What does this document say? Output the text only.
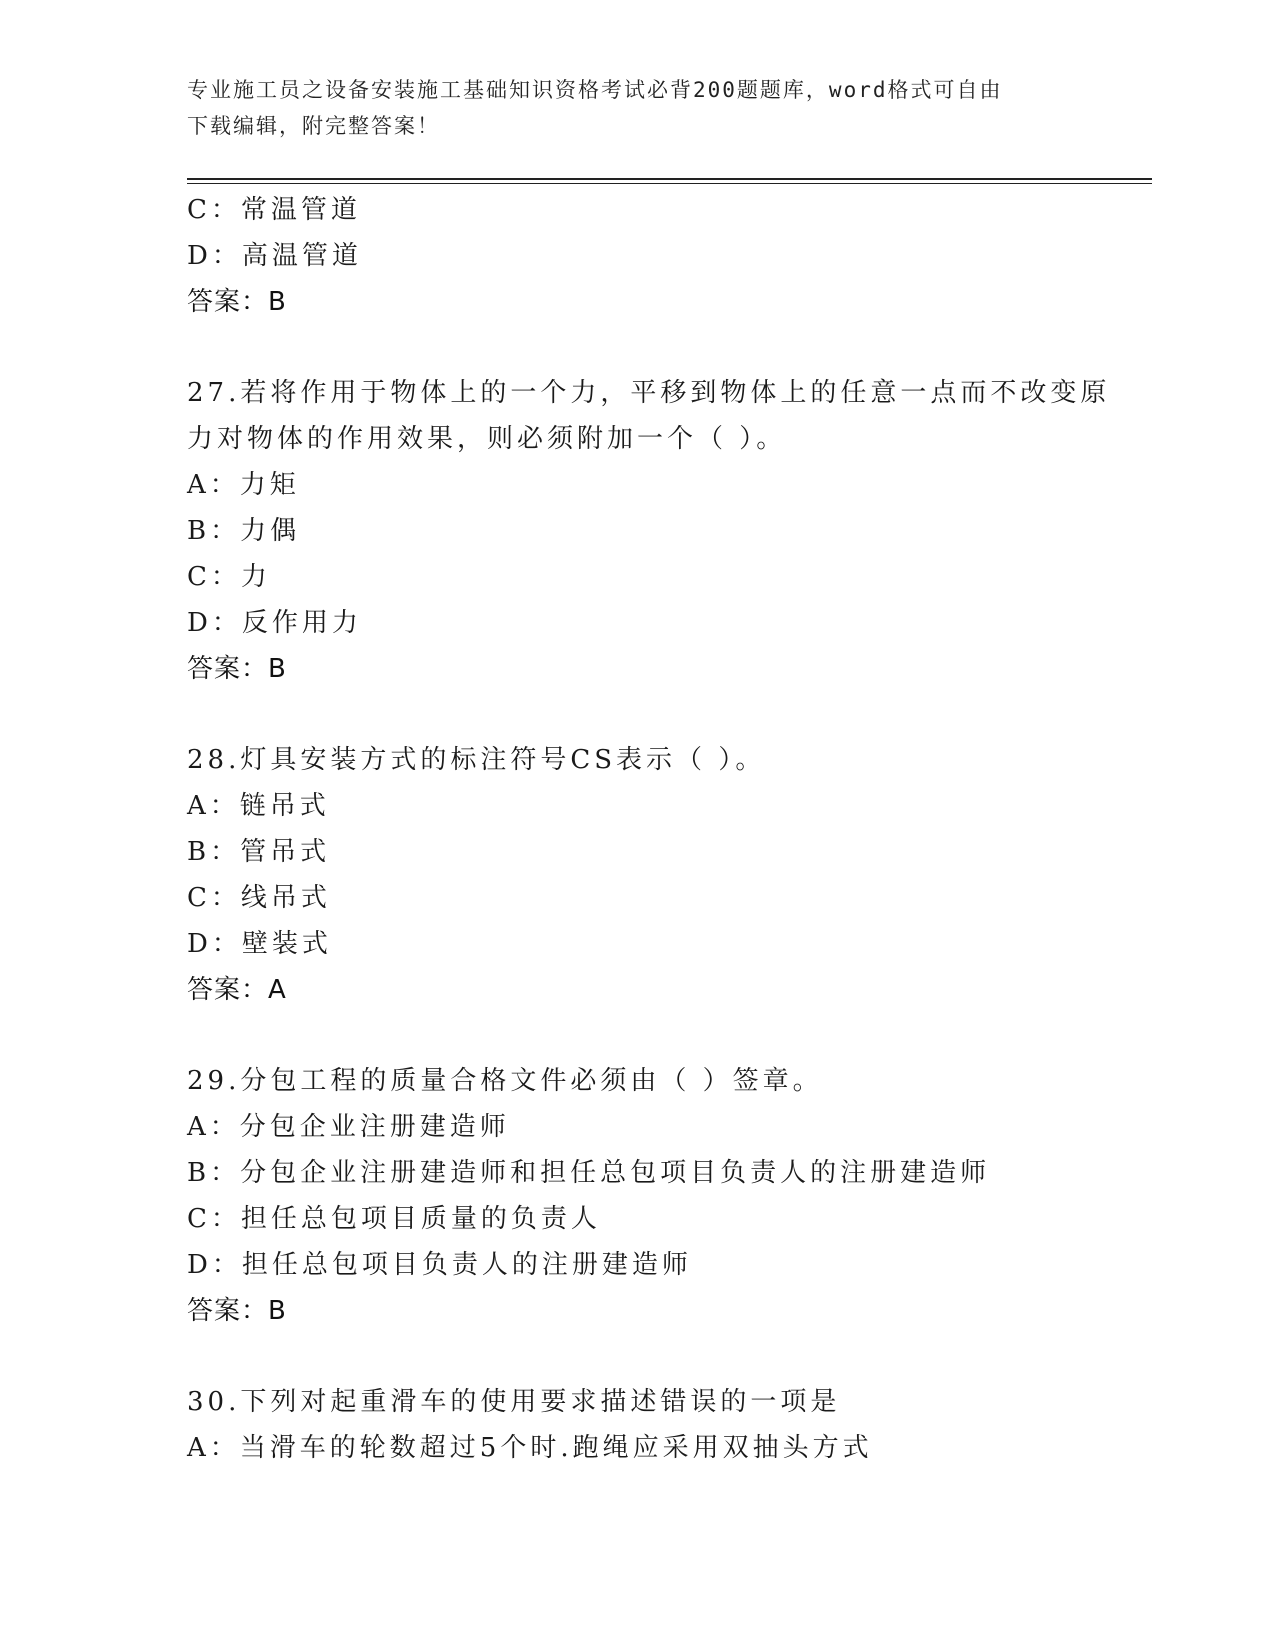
专业施工员之设备安装施工基础知识资格考试必背200题题库，word格式可自由
下载编辑，附完整答案！
C：常温管道
D：高温管道
答案：B
27.若将作用于物体上的一个力，平移到物体上的任意一点而不改变原
力对物体的作用效果，则必须附加一个（ ）。
A：力矩
B：力偶
C：力
D：反作用力
答案：B
28.灯具安装方式的标注符号CS表示（ ）。
A：链吊式
B：管吊式
C：线吊式
D：壁装式
答案：A
29.分包工程的质量合格文件必须由（ ）签章。
A：分包企业注册建造师
B：分包企业注册建造师和担任总包项目负责人的注册建造师
C：担任总包项目质量的负责人
D：担任总包项目负责人的注册建造师
答案：B
30.下列对起重滑车的使用要求描述错误的一项是
A：当滑车的轮数超过5个时.跑绳应采用双抽头方式
